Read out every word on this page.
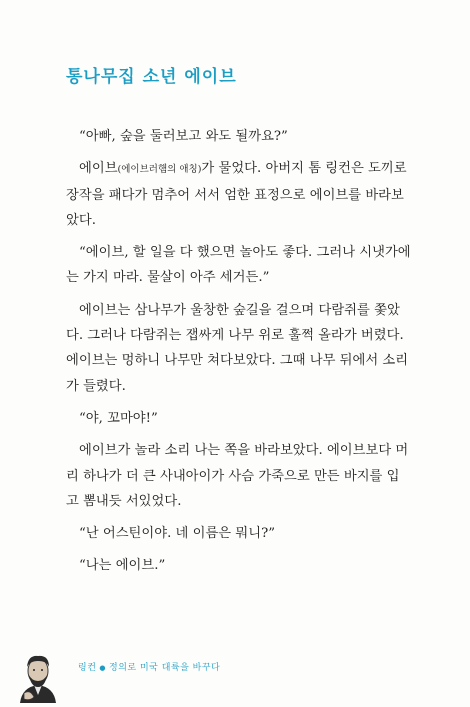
통나무집 소년 에이브

“아빠, 숲을 둘러보고 와도 될까요?”

에이브(에이브러햄의 애칭)가 물었다. 아버지 톰 링컨은 도끼로 장작을 패다가 멈추어 서서 엄한 표정으로 에이브를 바라보았다.

“에이브, 할 일을 다 했으면 놀아도 좋다. 그러나 시냇가에는 가지 마라. 물살이 아주 세거든.”

에이브는 삼나무가 울창한 숲길을 걸으며 다람쥐를 쫓았다. 그러나 다람쥐는 잽싸게 나무 위로 훌쩍 올라가 버렸다. 에이브는 멍하니 나무만 쳐다보았다. 그때 나무 뒤에서 소리가 들렸다.

“야, 꼬마야!”

에이브가 놀라 소리 나는 쪽을 바라보았다. 에이브보다 머리 하나가 더 큰 사내아이가 사슴 가죽으로 만든 바지를 입고 뽐내듯 서있었다.

“난 어스틴이야. 네 이름은 뭐니?”

“나는 에이브.”

링컨 ● 정의로 미국 대륙을 바꾸다
